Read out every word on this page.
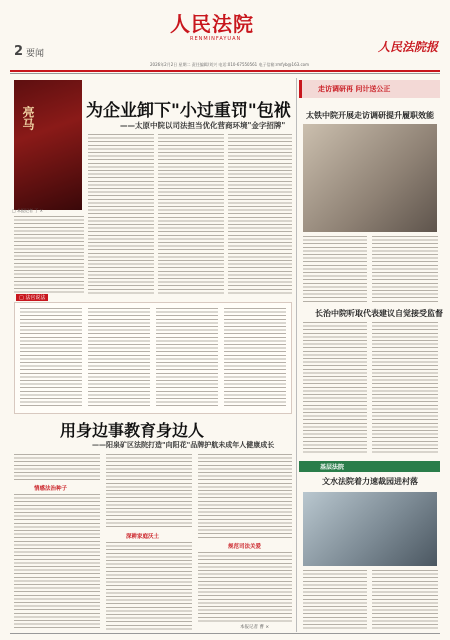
2 要闻
人民法院
RENMINFAYUAN
人民法院报
2026年2月2日 星期二 责任编辑/刘兴 电话:010-67550561 电子信箱:rmfyb@163.com
亮马
□ 本报记者 丁 ×
为企业卸下"小过重罚"包袱
——太原中院以司法担当优化营商环境"金字招牌"
□ 法官说法
用身边事教育身边人
——阳泉矿区法院打造"向阳花"品牌护航未成年人健康成长
情感法治种子
深耕家庭沃土
规范司法关爱
本报记者 曹 ×
走访调研再 问计送公正
太铁中院开展走访调研提升履职效能
长治中院听取代表建议自觉接受监督
基层法院
文水法院着力速裁园进村落
